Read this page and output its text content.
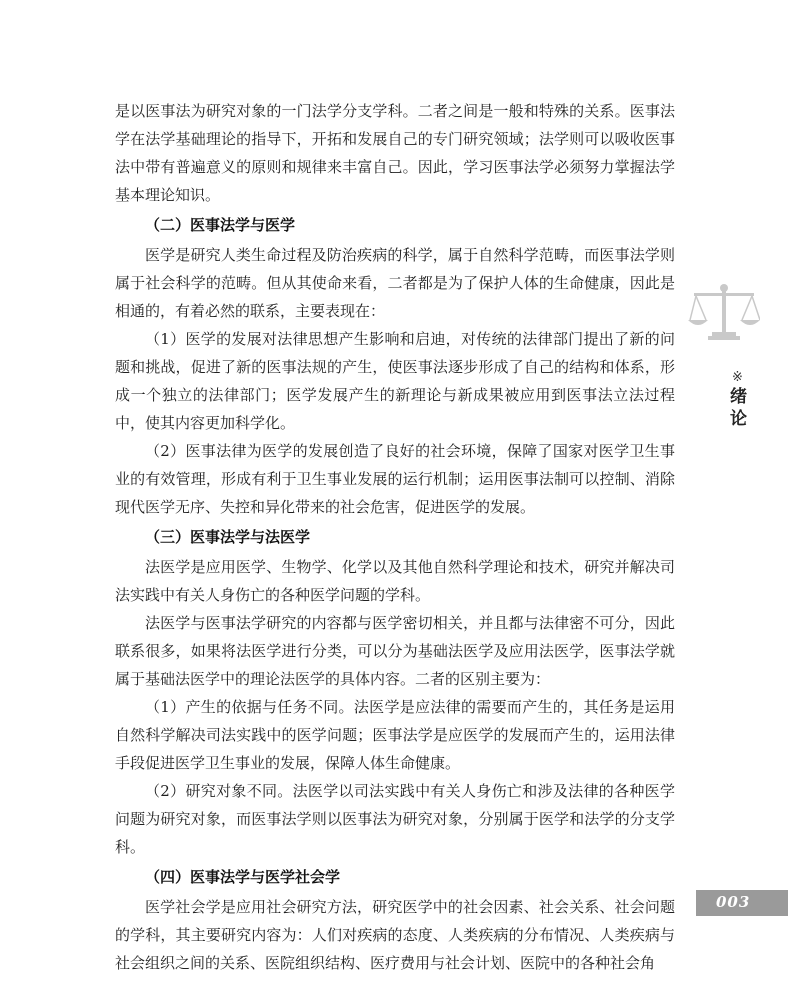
是以医事法为研究对象的一门法学分支学科。二者之间是一般和特殊的关系。医事法学在法学基础理论的指导下，开拓和发展自己的专门研究领域；法学则可以吸收医事法中带有普遍意义的原则和规律来丰富自己。因此，学习医事法学必须努力掌握法学基本理论知识。

（二）医事法学与医学

医学是研究人类生命过程及防治疾病的科学，属于自然科学范畴，而医事法学则属于社会科学的范畴。但从其使命来看，二者都是为了保护人体的生命健康，因此是相通的，有着必然的联系，主要表现在：

（1）医学的发展对法律思想产生影响和启迪，对传统的法律部门提出了新的问题和挑战，促进了新的医事法规的产生，使医事法逐步形成了自己的结构和体系，形成一个独立的法律部门；医学发展产生的新理论与新成果被应用到医事法立法过程中，使其内容更加科学化。

（2）医事法律为医学的发展创造了良好的社会环境，保障了国家对医学卫生事业的有效管理，形成有利于卫生事业发展的运行机制；运用医事法制可以控制、消除现代医学无序、失控和异化带来的社会危害，促进医学的发展。

（三）医事法学与法医学

法医学是应用医学、生物学、化学以及其他自然科学理论和技术，研究并解决司法实践中有关人身伤亡的各种医学问题的学科。

法医学与医事法学研究的内容都与医学密切相关，并且都与法律密不可分，因此联系很多，如果将法医学进行分类，可以分为基础法医学及应用法医学，医事法学就属于基础法医学中的理论法医学的具体内容。二者的区别主要为：

（1）产生的依据与任务不同。法医学是应法律的需要而产生的，其任务是运用自然科学解决司法实践中的医学问题；医事法学是应医学的发展而产生的，运用法律手段促进医学卫生事业的发展，保障人体生命健康。

（2）研究对象不同。法医学以司法实践中有关人身伤亡和涉及法律的各种医学问题为研究对象，而医事法学则以医事法为研究对象，分别属于医学和法学的分支学科。

（四）医事法学与医学社会学

医学社会学是应用社会研究方法，研究医学中的社会因素、社会关系、社会问题的学科，其主要研究内容为：人们对疾病的态度、人类疾病的分布情况、人类疾病与社会组织之间的关系、医院组织结构、医疗费用与社会计划、医院中的各种社会角

※
绪论
003
